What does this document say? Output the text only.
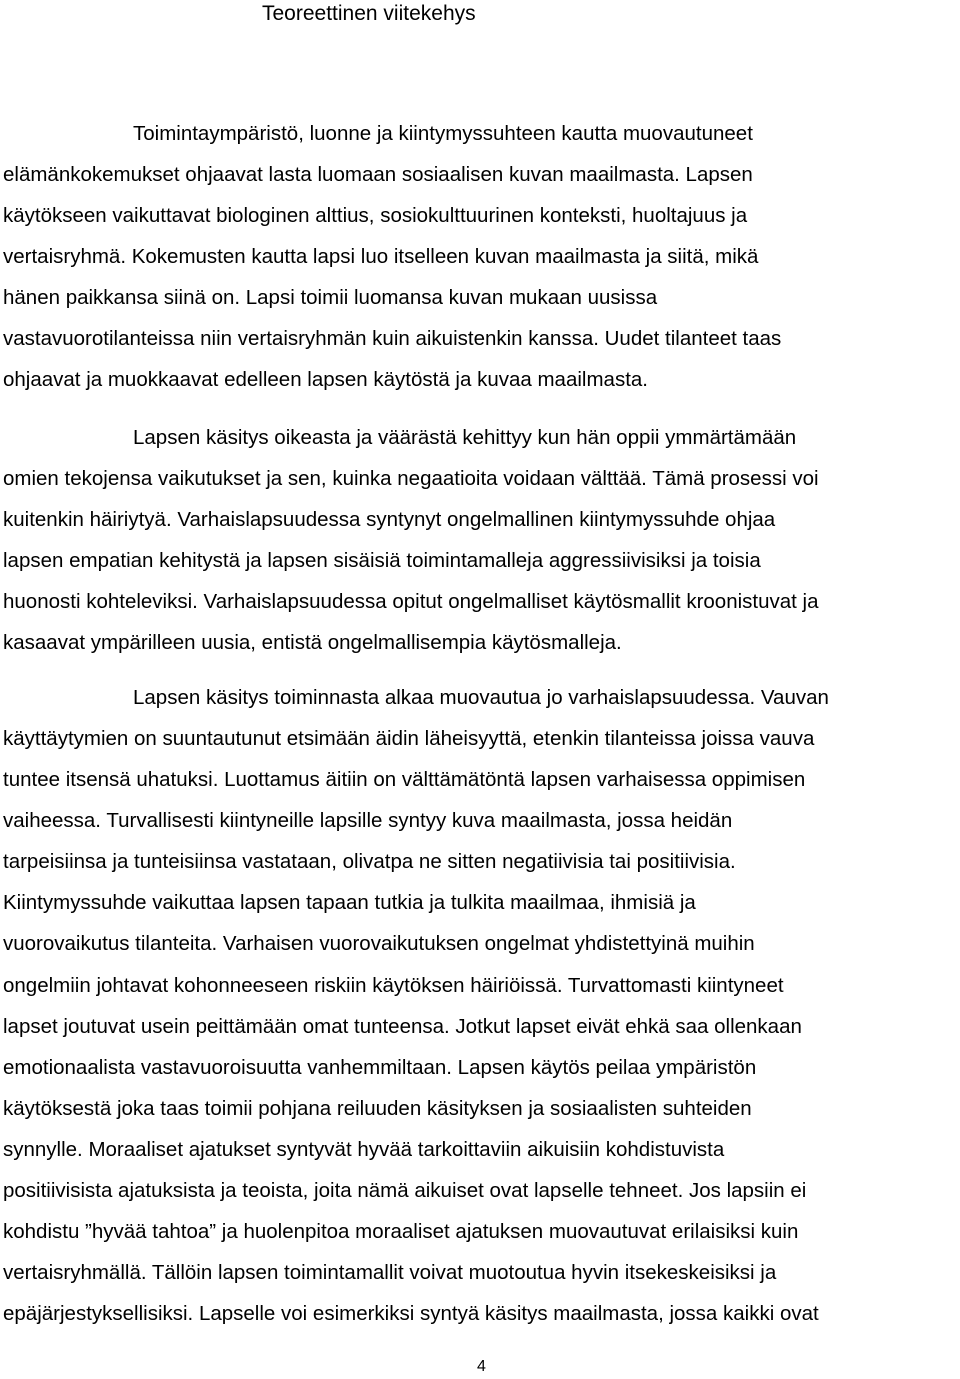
Teoreettinen viitekehys

Toimintaympäristö, luonne ja kiintymyssuhteen kautta muovautuneet

elämänkokemukset ohjaavat lasta luomaan sosiaalisen kuvan maailmasta. Lapsen

käytökseen vaikuttavat biologinen alttius, sosiokulttuurinen konteksti, huoltajuus ja

vertaisryhmä. Kokemusten kautta lapsi luo itselleen kuvan maailmasta ja siitä, mikä

hänen paikkansa siinä on. Lapsi toimii luomansa kuvan mukaan uusissa

vastavuorotilanteissa niin vertaisryhmän kuin aikuistenkin kanssa. Uudet tilanteet taas

ohjaavat ja muokkaavat edelleen lapsen käytöstä ja kuvaa maailmasta.

Lapsen käsitys oikeasta ja väärästä kehittyy kun hän oppii ymmärtämään

omien tekojensa vaikutukset ja sen, kuinka negaatioita voidaan välttää. Tämä prosessi voi

kuitenkin häiriytyä. Varhaislapsuudessa syntynyt ongelmallinen kiintymyssuhde ohjaa

lapsen empatian kehitystä ja lapsen sisäisiä toimintamalleja aggressiivisiksi ja toisia

huonosti kohteleviksi. Varhaislapsuudessa opitut ongelmalliset käytösmallit kroonistuvat ja

kasaavat ympärilleen uusia, entistä ongelmallisempia käytösmalleja.

Lapsen käsitys toiminnasta alkaa muovautua jo varhaislapsuudessa. Vauvan

käyttäytymien on suuntautunut etsimään äidin läheisyyttä, etenkin tilanteissa joissa vauva

tuntee itsensä uhatuksi. Luottamus äitiin on välttämätöntä lapsen varhaisessa oppimisen

vaiheessa. Turvallisesti kiintyneille lapsille syntyy kuva maailmasta, jossa heidän

tarpeisiinsa ja tunteisiinsa vastataan, olivatpa ne sitten negatiivisia tai positiivisia.

Kiintymyssuhde vaikuttaa lapsen tapaan tutkia ja tulkita maailmaa, ihmisiä ja

vuorovaikutus tilanteita. Varhaisen vuorovaikutuksen ongelmat yhdistettyinä muihin

ongelmiin johtavat kohonneeseen riskiin käytöksen häiriöissä. Turvattomasti kiintyneet

lapset joutuvat usein peittämään omat tunteensa. Jotkut lapset eivät ehkä saa ollenkaan

emotionaalista vastavuoroisuutta vanhemmiltaan. Lapsen käytös peilaa ympäristön

käytöksestä joka taas toimii pohjana reiluuden käsityksen ja sosiaalisten suhteiden

synnylle. Moraaliset ajatukset syntyvät hyvää tarkoittaviin aikuisiin kohdistuvista

positiivisista ajatuksista ja teoista, joita nämä aikuiset ovat lapselle tehneet. Jos lapsiin ei

kohdistu ”hyvää tahtoa” ja huolenpitoa moraaliset ajatuksen muovautuvat erilaisiksi kuin

vertaisryhmällä. Tällöin lapsen toimintamallit voivat muotoutua hyvin itsekeskeisiksi ja

epäjärjestyksellisiksi. Lapselle voi esimerkiksi syntyä käsitys maailmasta, jossa kaikki ovat

4
